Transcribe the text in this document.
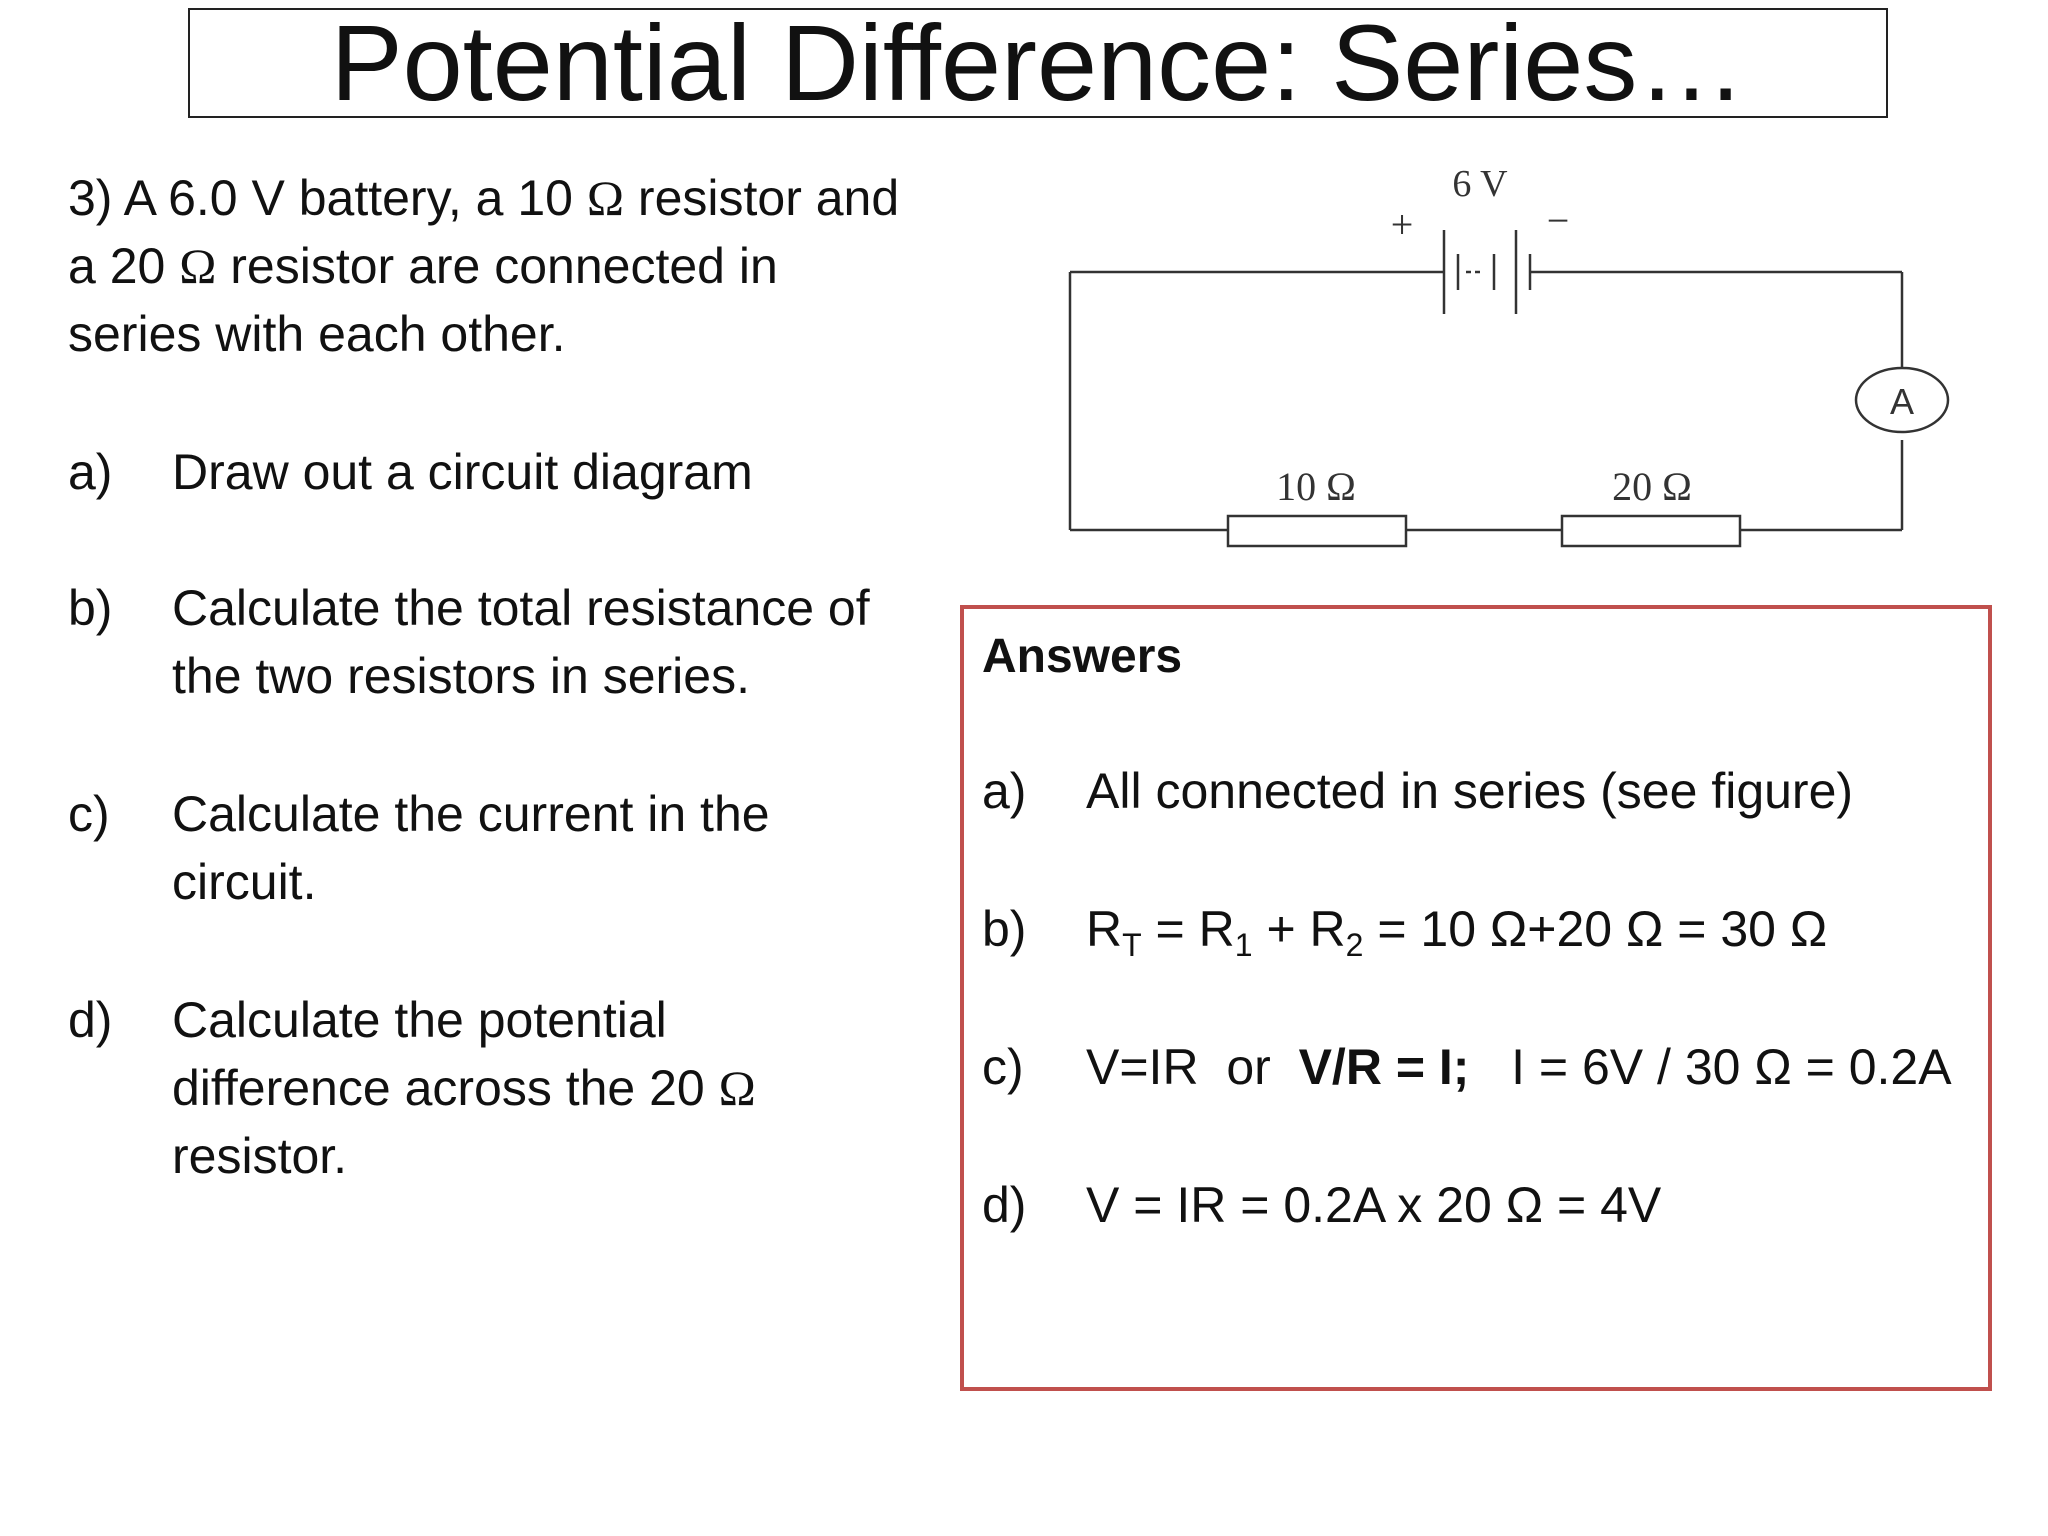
Potential Difference: Series…
3) A 6.0 V battery, a 10 Ω resistor and
a 20 Ω resistor are connected in
series with each other.
a)	Draw out a circuit diagram
b)	Calculate the total resistance of
the two resistors in series.
c)	Calculate the current in the
circuit.
d)	Calculate the potential
difference across the 20 Ω
resistor.
6 V
+	−
A
10 Ω	20 Ω
Answers
a)	All connected in series (see figure)
b)	$R_T = R_1 + R_2 = 10$ Ω+20 Ω = 30 Ω
c)	V=IR  or  V/R = I;   I = 6V / 30 Ω = 0.2A
d)	V = IR = 0.2A x 20 Ω = 4V
